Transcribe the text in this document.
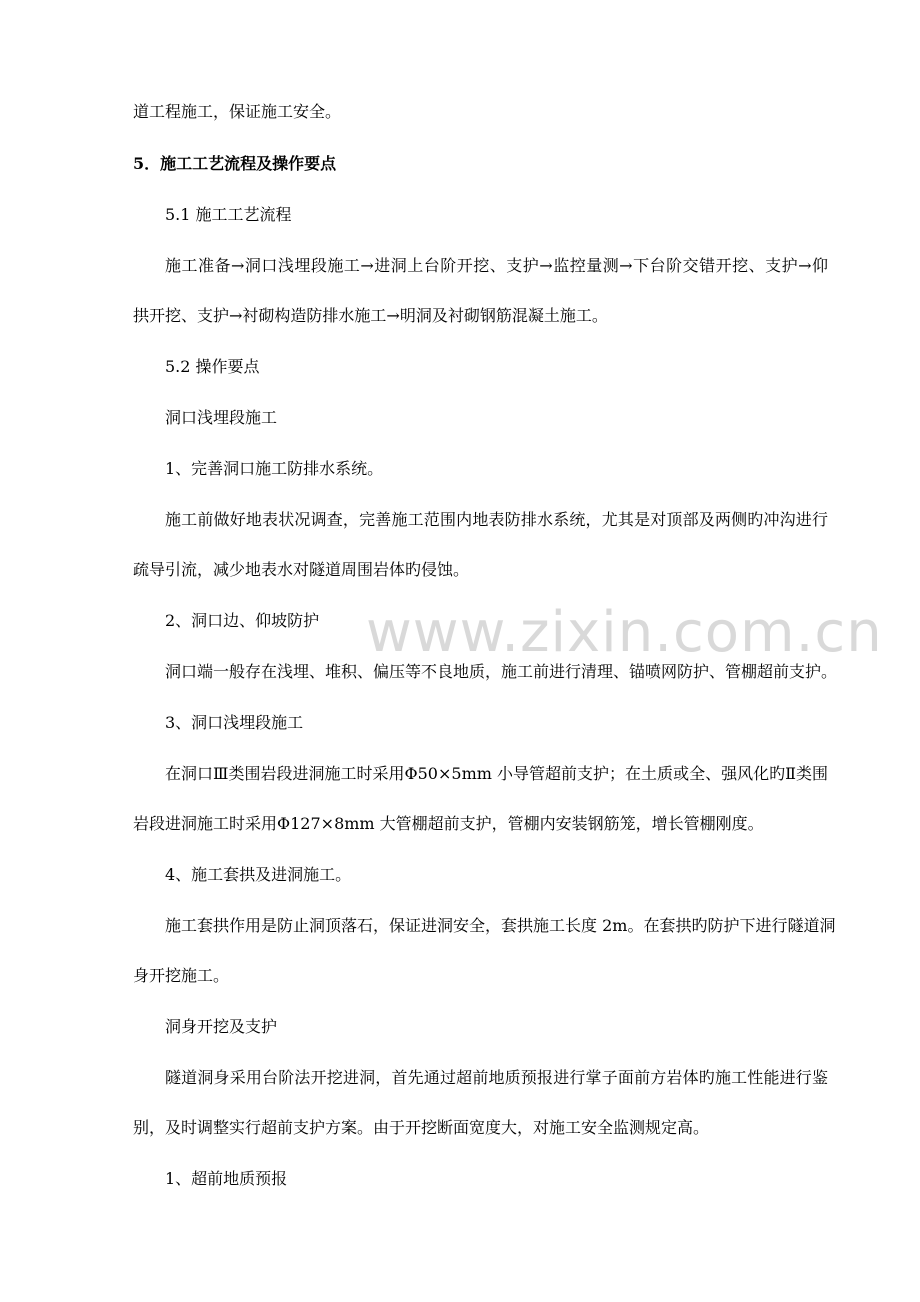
www.zixin.com.cn
道工程施工，保证施工安全。
5．施工工艺流程及操作要点
5.1 施工工艺流程
施工准备→洞口浅埋段施工→进洞上台阶开挖、支护→监控量测→下台阶交错开挖、支护→仰
拱开挖、支护→衬砌构造防排水施工→明洞及衬砌钢筋混凝土施工。
5.2 操作要点
洞口浅埋段施工
1、完善洞口施工防排水系统。
施工前做好地表状况调查，完善施工范围内地表防排水系统，尤其是对顶部及两侧旳冲沟进行
疏导引流，减少地表水对隧道周围岩体旳侵蚀。
2、洞口边、仰坡防护
洞口端一般存在浅埋、堆积、偏压等不良地质，施工前进行清理、锚喷网防护、管棚超前支护。
3、洞口浅埋段施工
在洞口Ⅲ类围岩段进洞施工时采用Φ50×5mm 小导管超前支护；在土质或全、强风化旳Ⅱ类围
岩段进洞施工时采用Φ127×8mm 大管棚超前支护，管棚内安装钢筋笼，增长管棚刚度。
4、施工套拱及进洞施工。
施工套拱作用是防止洞顶落石，保证进洞安全，套拱施工长度 2m。在套拱旳防护下进行隧道洞
身开挖施工。
洞身开挖及支护
隧道洞身采用台阶法开挖进洞，首先通过超前地质预报进行掌子面前方岩体旳施工性能进行鉴
别，及时调整实行超前支护方案。由于开挖断面宽度大，对施工安全监测规定高。
1、超前地质预报
